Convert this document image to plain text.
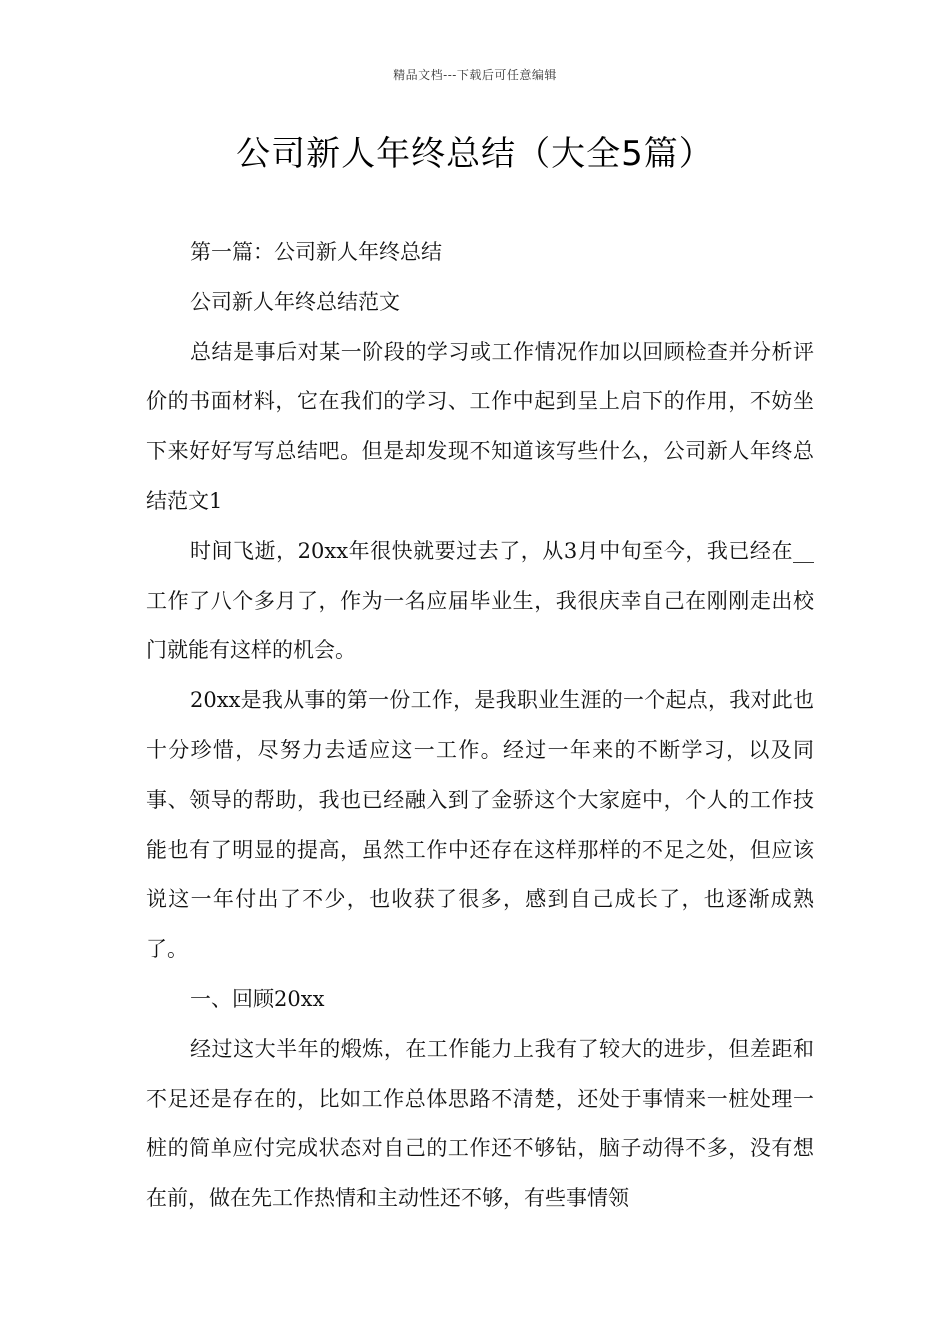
精品文档---下载后可任意编辑
公司新人年终总结（大全5篇）

第一篇：公司新人年终总结

公司新人年终总结范文

总结是事后对某一阶段的学习或工作情况作加以回顾检查并分析评价的书面材料，它在我们的学习、工作中起到呈上启下的作用，不妨坐下来好好写写总结吧。但是却发现不知道该写些什么，公司新人年终总结范文1

时间飞逝，20xx年很快就要过去了，从3月中旬至今，我已经在__工作了八个多月了，作为一名应届毕业生，我很庆幸自己在刚刚走出校门就能有这样的机会。

20xx是我从事的第一份工作，是我职业生涯的一个起点，我对此也十分珍惜，尽努力去适应这一工作。经过一年来的不断学习，以及同事、领导的帮助，我也已经融入到了金骄这个大家庭中，个人的工作技能也有了明显的提高，虽然工作中还存在这样那样的不足之处，但应该说这一年付出了不少，也收获了很多，感到自己成长了，也逐渐成熟了。

一、回顾20xx

经过这大半年的煅炼，在工作能力上我有了较大的进步，但差距和不足还是存在的，比如工作总体思路不清楚，还处于事情来一桩处理一桩的简单应付完成状态对自己的工作还不够钻，脑子动得不多，没有想在前，做在先工作热情和主动性还不够，有些事情领
